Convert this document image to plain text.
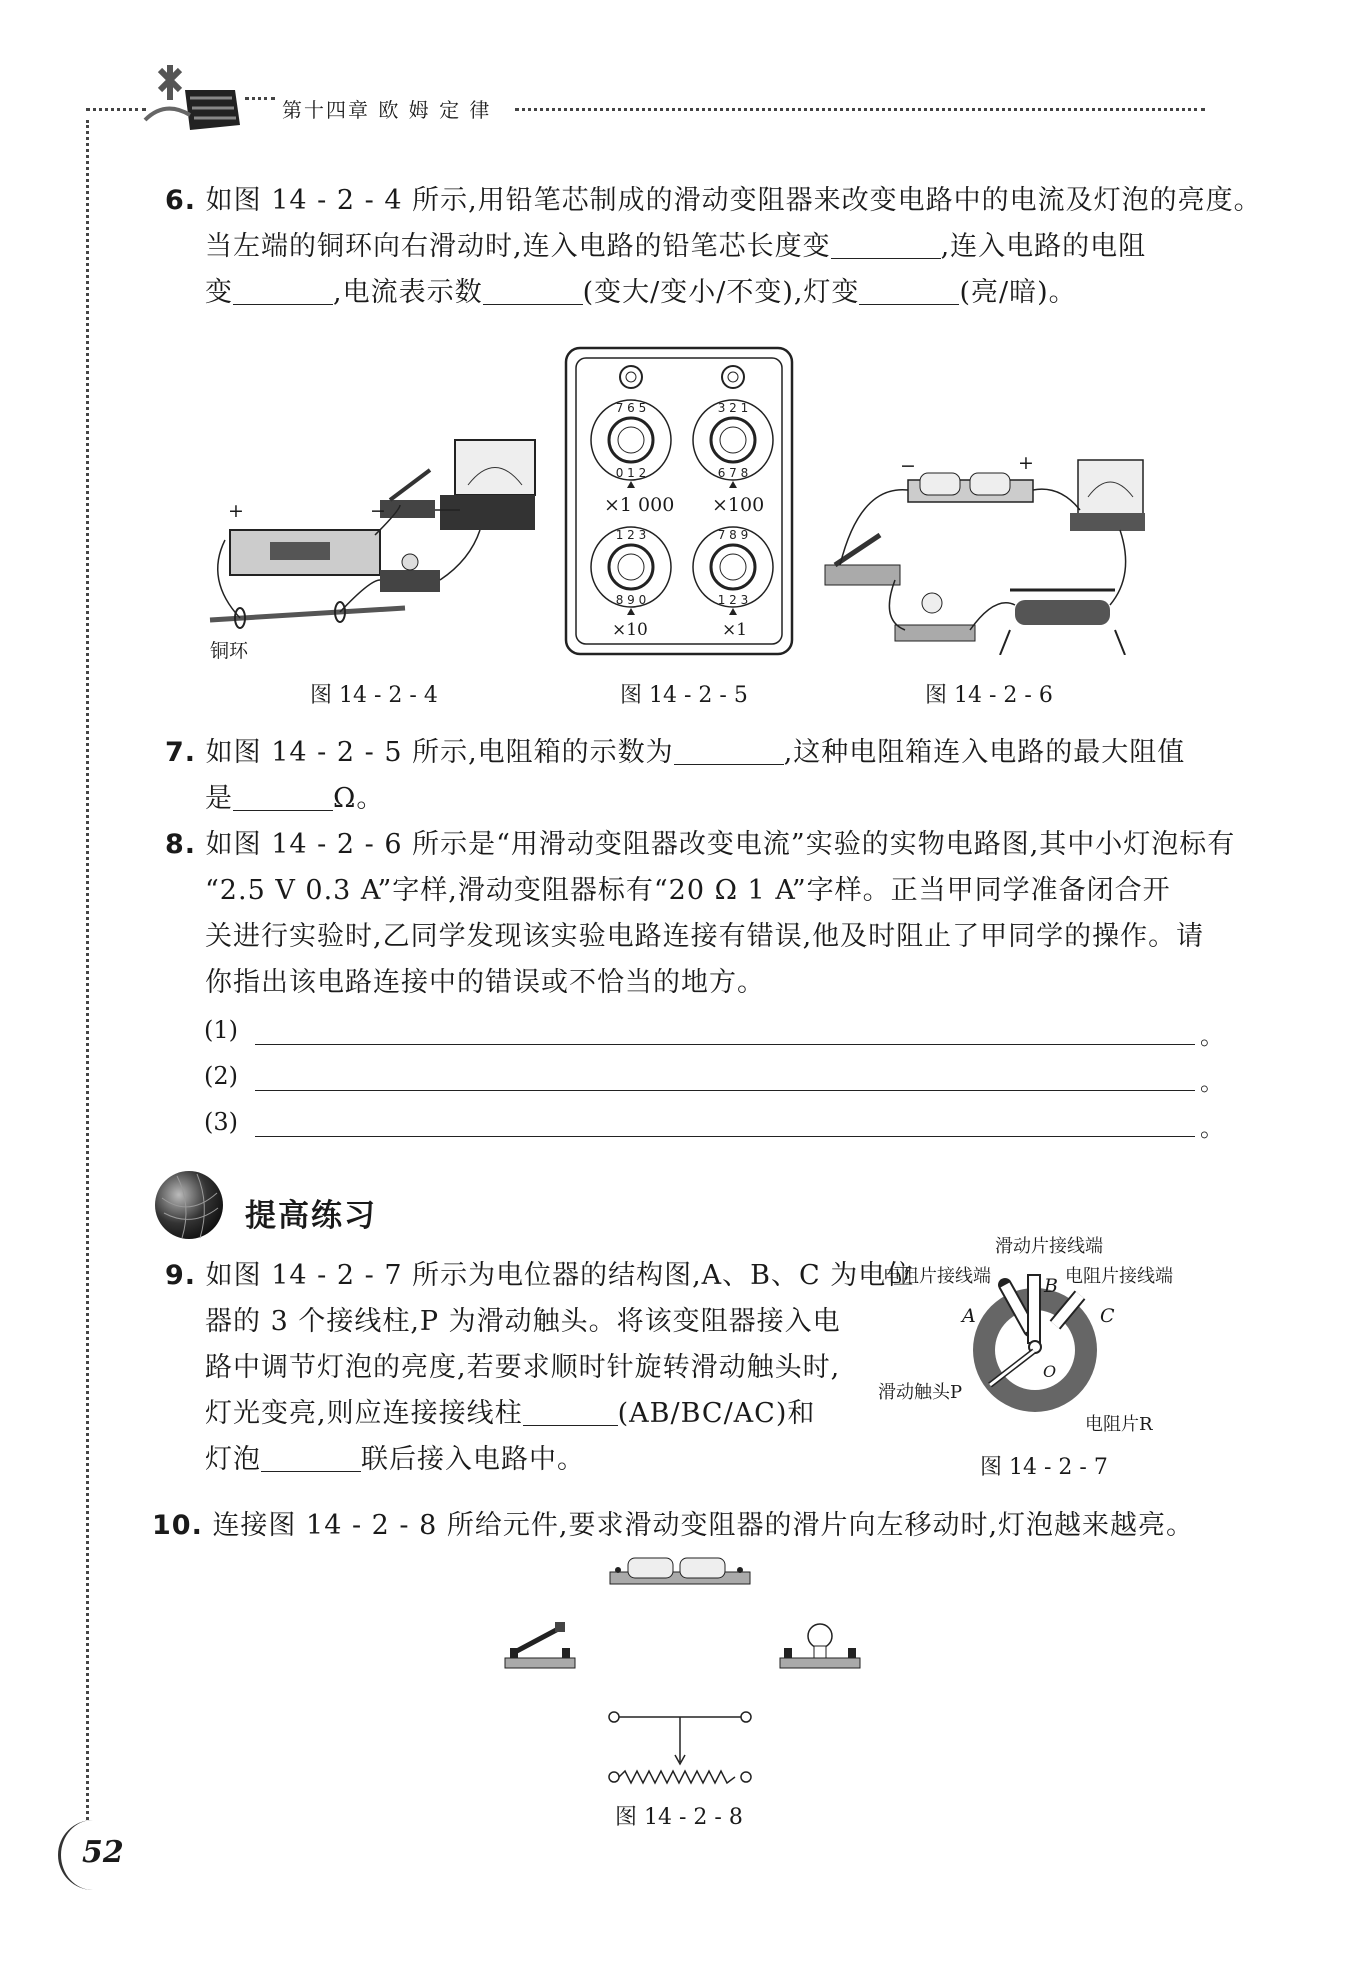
第十四章 欧 姆 定 律
6. 如图 14 - 2 - 4 所示,用铅笔芯制成的滑动变阻器来改变电路中的电流及灯泡的亮度。
当左端的铜环向右滑动时,连入电路的铅笔芯长度变	,连入电路的电阻
变	,电流表示数	(变大/变小/不变),灯变	(亮/暗)。
+	−
铜环
图 14 - 2 - 4
7 6 5
0 1 2
3 2 1
6 7 8
1 2 3
8 9 0
7 8 9
1 2 3
×1 000 ×100
×10	×1
图 14 - 2 - 5
−	+
图 14 - 2 - 6
7. 如图 14 - 2 - 5 所示,电阻箱的示数为	,这种电阻箱连入电路的最大阻值
是	Ω。
8. 如图 14 - 2 - 6 所示是“用滑动变阻器改变电流”实验的实物电路图,其中小灯泡标有
“2.5 V 0.3 A”字样,滑动变阻器标有“20 Ω 1 A”字样。正当甲同学准备闭合开
关进行实验时,乙同学发现该实验电路连接有错误,他及时阻止了甲同学的操作。请
你指出该电路连接中的错误或不恰当的地方。
(1)	。
(2)	。
(3)	。
提高练习
9. 如图 14 - 2 - 7 所示为电位器的结构图,A、B、C 为电位
器的 3 个接线柱,P 为滑动触头。将该变阻器接入电
路中调节灯泡的亮度,若要求顺时针旋转滑动触头时,
灯光变亮,则应连接接线柱	(AB/BC/AC)和
灯泡	联后接入电路中。
滑动片接线端
电阻片接线端	电阻片接线端
A
B
C
O
滑动触头P
电阻片R
图 14 - 2 - 7
10. 连接图 14 - 2 - 8 所给元件,要求滑动变阻器的滑片向左移动时,灯泡越来越亮。
图 14 - 2 - 8
52
